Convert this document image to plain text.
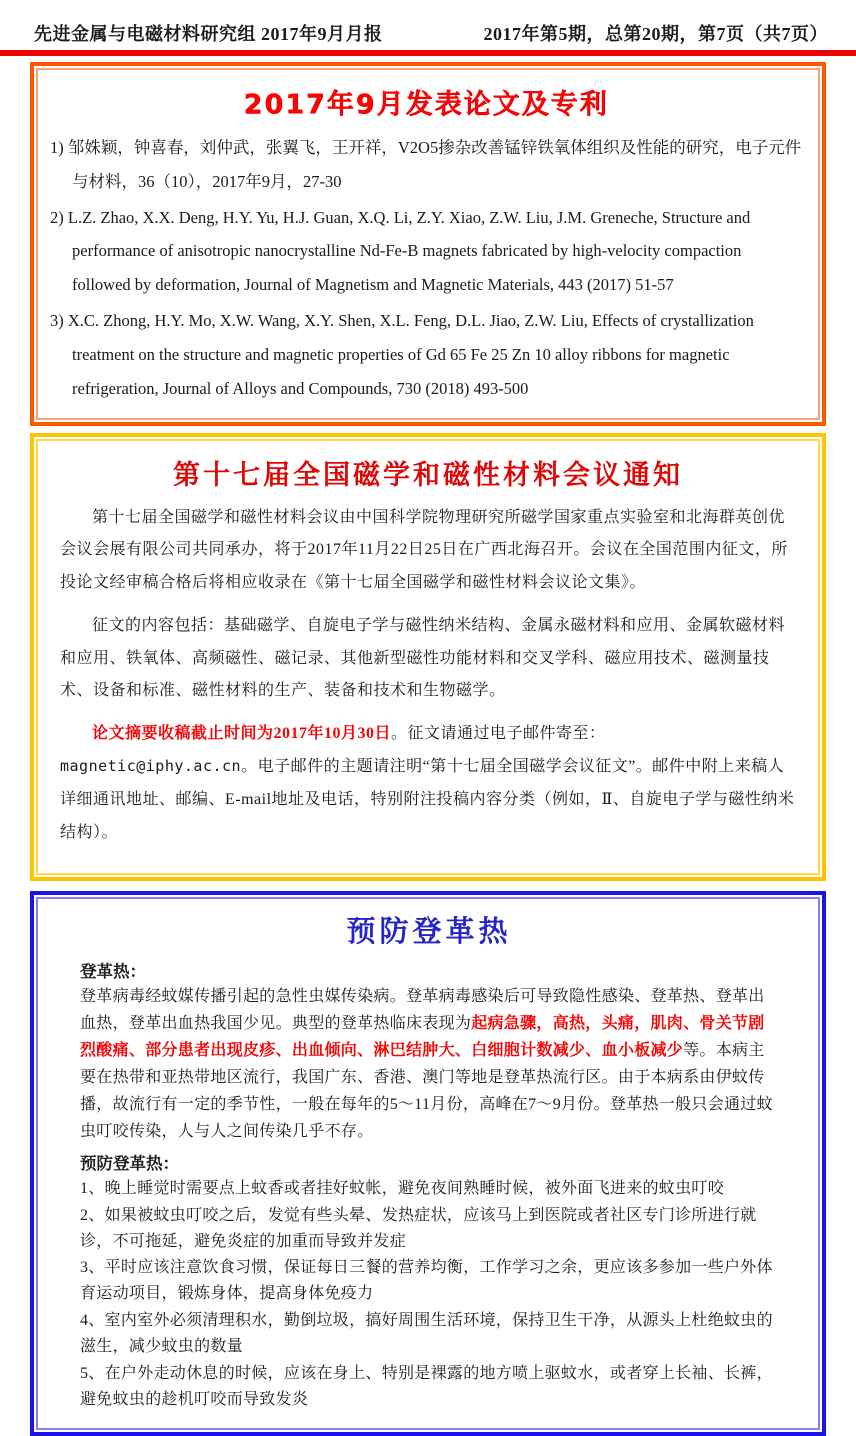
先进金属与电磁材料研究组 2017年9月月报	2017年第5期，总第20期，第7页（共7页）
2017年9月发表论文及专利
1) 邹姝颖，钟喜春，刘仲武，张翼飞，王开祥，V2O5掺杂改善锰锌铁氧体组织及性能的研究，电子元件与材料，36（10），2017年9月，27-30
2) L.Z. Zhao, X.X. Deng, H.Y. Yu, H.J. Guan, X.Q. Li, Z.Y. Xiao, Z.W. Liu, J.M. Greneche, Structure and performance of anisotropic nanocrystalline Nd-Fe-B magnets fabricated by high-velocity compaction followed by deformation, Journal of Magnetism and Magnetic Materials, 443 (2017) 51-57
3) X.C. Zhong, H.Y. Mo, X.W. Wang, X.Y. Shen, X.L. Feng, D.L. Jiao, Z.W. Liu, Effects of crystallization treatment on the structure and magnetic properties of Gd 65 Fe 25 Zn 10 alloy ribbons for magnetic refrigeration, Journal of Alloys and Compounds, 730 (2018) 493-500
第十七届全国磁学和磁性材料会议通知
第十七届全国磁学和磁性材料会议由中国科学院物理研究所磁学国家重点实验室和北海群英创优会议会展有限公司共同承办，将于2017年11月22日25日在广西北海召开。会议在全国范围内征文，所投论文经审稿合格后将相应收录在《第十七届全国磁学和磁性材料会议论文集》。
征文的内容包括：基础磁学、自旋电子学与磁性纳米结构、金属永磁材料和应用、金属软磁材料和应用、铁氧体、高频磁性、磁记录、其他新型磁性功能材料和交叉学科、磁应用技术、磁测量技术、设备和标准、磁性材料的生产、装备和技术和生物磁学。
论文摘要收稿截止时间为2017年10月30日。征文请通过电子邮件寄至：magnetic@iphy.ac.cn。电子邮件的主题请注明“第十七届全国磁学会议征文”。邮件中附上来稿人详细通讯地址、邮编、E-mail地址及电话，特别附注投稿内容分类（例如，Ⅱ、自旋电子学与磁性纳米结构）。
预防登革热
登革热：
登革病毒经蚊媒传播引起的急性虫媒传染病。登革病毒感染后可导致隐性感染、登革热、登革出血热，登革出血热我国少见。典型的登革热临床表现为起病急骤，高热，头痛，肌肉、骨关节剧烈酸痛、部分患者出现皮疹、出血倾向、淋巴结肿大、白细胞计数减少、血小板减少等。本病主要在热带和亚热带地区流行，我国广东、香港、澳门等地是登革热流行区。由于本病系由伊蚊传播，故流行有一定的季节性，一般在每年的5～11月份，高峰在7～9月份。登革热一般只会通过蚊虫叮咬传染，人与人之间传染几乎不存。
预防登革热：
1、晚上睡觉时需要点上蚊香或者挂好蚊帐，避免夜间熟睡时候，被外面飞进来的蚊虫叮咬
2、如果被蚊虫叮咬之后，发觉有些头晕、发热症状，应该马上到医院或者社区专门诊所进行就诊，不可拖延，避免炎症的加重而导致并发症
3、平时应该注意饮食习惯，保证每日三餐的营养均衡，工作学习之余，更应该多参加一些户外体育运动项目，锻炼身体，提高身体免疫力
4、室内室外必须清理积水，勤倒垃圾，搞好周围生活环境，保持卫生干净，从源头上杜绝蚊虫的滋生，减少蚊虫的数量
5、在户外走动休息的时候，应该在身上、特别是裸露的地方喷上驱蚊水，或者穿上长袖、长裤，避免蚊虫的趁机叮咬而导致发炎
